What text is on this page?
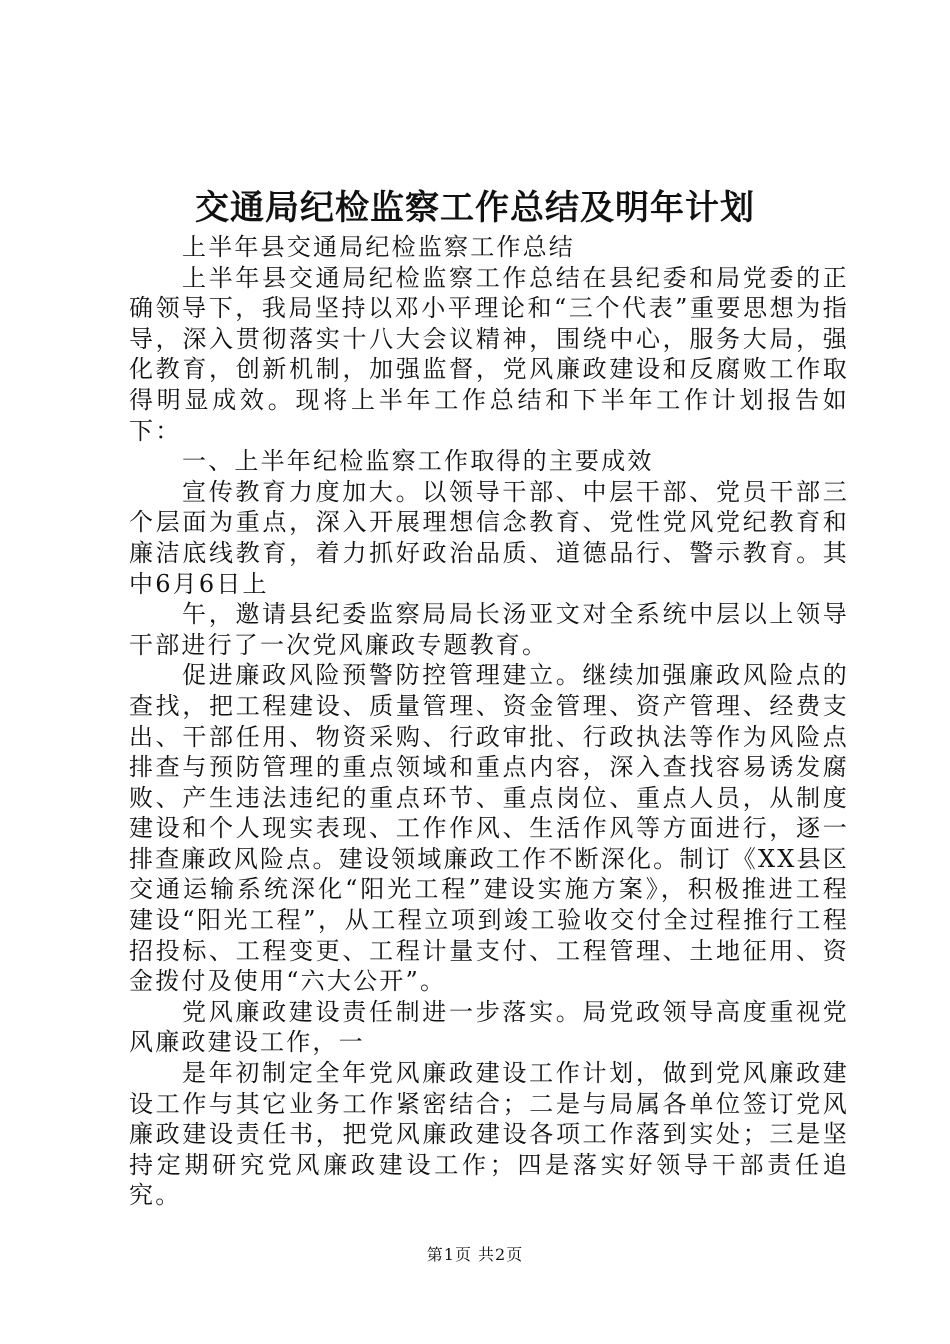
交通局纪检监察工作总结及明年计划

上半年县交通局纪检监察工作总结

上半年县交通局纪检监察工作总结在县纪委和局党委的正确领导下，我局坚持以邓小平理论和“三个代表”重要思想为指导，深入贯彻落实十八大会议精神，围绕中心，服务大局，强化教育，创新机制，加强监督，党风廉政建设和反腐败工作取得明显成效。现将上半年工作总结和下半年工作计划报告如下：

一、上半年纪检监察工作取得的主要成效

宣传教育力度加大。以领导干部、中层干部、党员干部三个层面为重点，深入开展理想信念教育、党性党风党纪教育和廉洁底线教育，着力抓好政治品质、道德品行、警示教育。其中6月6日上

午，邀请县纪委监察局局长汤亚文对全系统中层以上领导干部进行了一次党风廉政专题教育。

促进廉政风险预警防控管理建立。继续加强廉政风险点的查找，把工程建设、质量管理、资金管理、资产管理、经费支出、干部任用、物资采购、行政审批、行政执法等作为风险点排查与预防管理的重点领域和重点内容，深入查找容易诱发腐败、产生违法违纪的重点环节、重点岗位、重点人员，从制度建设和个人现实表现、工作作风、生活作风等方面进行，逐一排查廉政风险点。建设领域廉政工作不断深化。制订《XX县区交通运输系统深化“阳光工程”建设实施方案》，积极推进工程建设“阳光工程”，从工程立项到竣工验收交付全过程推行工程招投标、工程变更、工程计量支付、工程管理、土地征用、资金拨付及使用“六大公开”。

党风廉政建设责任制进一步落实。局党政领导高度重视党风廉政建设工作，一

是年初制定全年党风廉政建设工作计划，做到党风廉政建设工作与其它业务工作紧密结合；二是与局属各单位签订党风廉政建设责任书，把党风廉政建设各项工作落到实处；三是坚持定期研究党风廉政建设工作；四是落实好领导干部责任追究。

第1页 共2页
